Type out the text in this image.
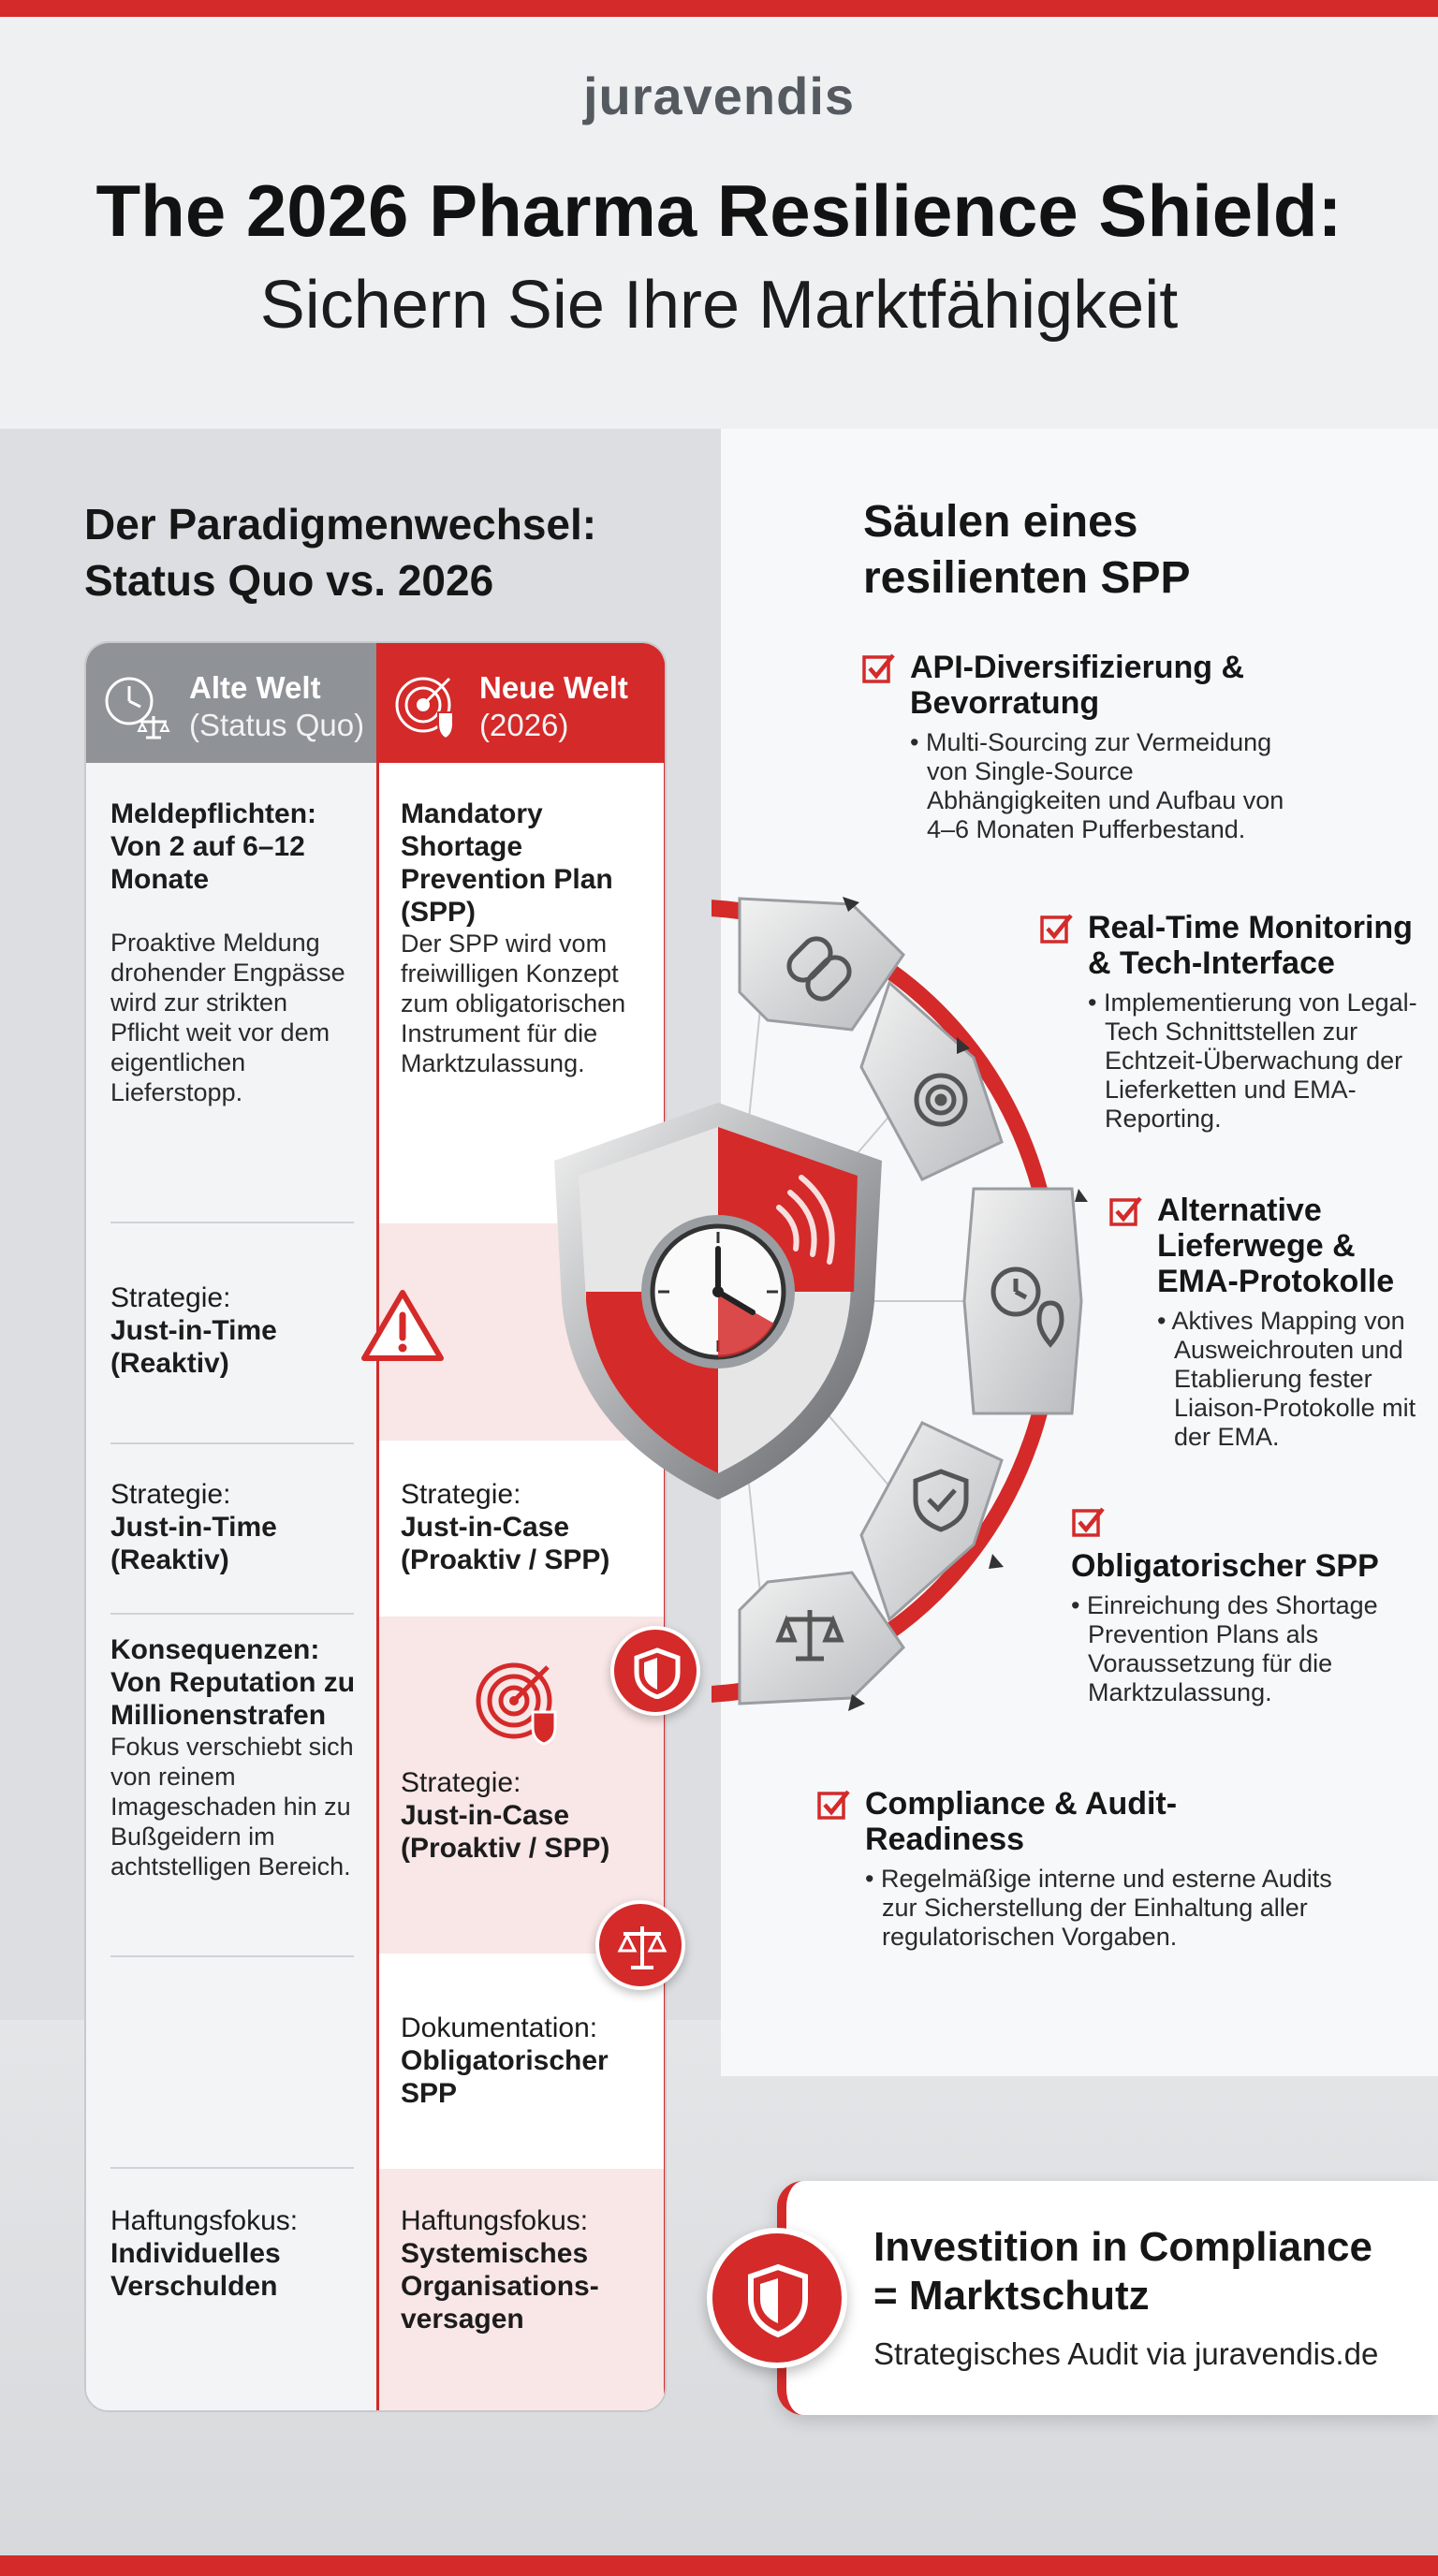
juravendis
The 2026 Pharma Resilience Shield:
Sichern Sie Ihre Marktfähigkeit
Der Paradigmenwechsel:
Status Quo vs. 2026
Säulen eines
resilienten SPP
Alte Welt
(Status Quo)
Neue Welt
(2026)
Meldepflichten: Von 2 auf 6–12 Monate
Proaktive Meldung drohender Engpässe wird zur strikten Pflicht weit vor dem eigentlichen Lieferstopp.
Mandatory Shortage Prevention Plan (SPP)
Der SPP wird vom freiwilligen Konzept zum obligatorischen Instrument für die Marktzulassung.
Strategie:
Just-in-Time (Reaktiv)
Strategie:
Just-in-Time (Reaktiv)
Strategie:
Just-in-Case (Proaktiv / SPP)
Konsequenzen: Von Reputation zu Millionenstrafen
Fokus verschiebt sich von reinem Imageschaden hin zu Bußgeidern im achtstelligen Bereich.
Strategie:
Just-in-Case (Proaktiv / SPP)
Dokumentation:
Obligatorischer SPP
Haftungsfokus:
Individuelles Verschulden
Haftungsfokus:
Systemisches Organisations-versagen
API-Diversifizierung & Bevorratung
• Multi-Sourcing zur Vermeidung von Single-Source Abhängigkeiten und Aufbau von 4–6 Monaten Pufferbestand.
Real-Time Monitoring & Tech-Interface
• Implementierung von Legal-Tech Schnittstellen zur Echtzeit-Überwachung der Lieferketten und EMA-Reporting.
Alternative Lieferwege & EMA-Protokolle
• Aktives Mapping von Ausweichrouten und Etablierung fester Liaison-Protokolle mit der EMA.
Obligatorischer SPP
• Einreichung des Shortage Prevention Plans als Voraussetzung für die Marktzulassung.
Compliance & Audit-Readiness
• Regelmäßige interne und esterne Audits zur Sicherstellung der Einhaltung aller regulatorischen Vorgaben.
Investition in Compliance
= Marktschutz
Strategisches Audit via juravendis.de
